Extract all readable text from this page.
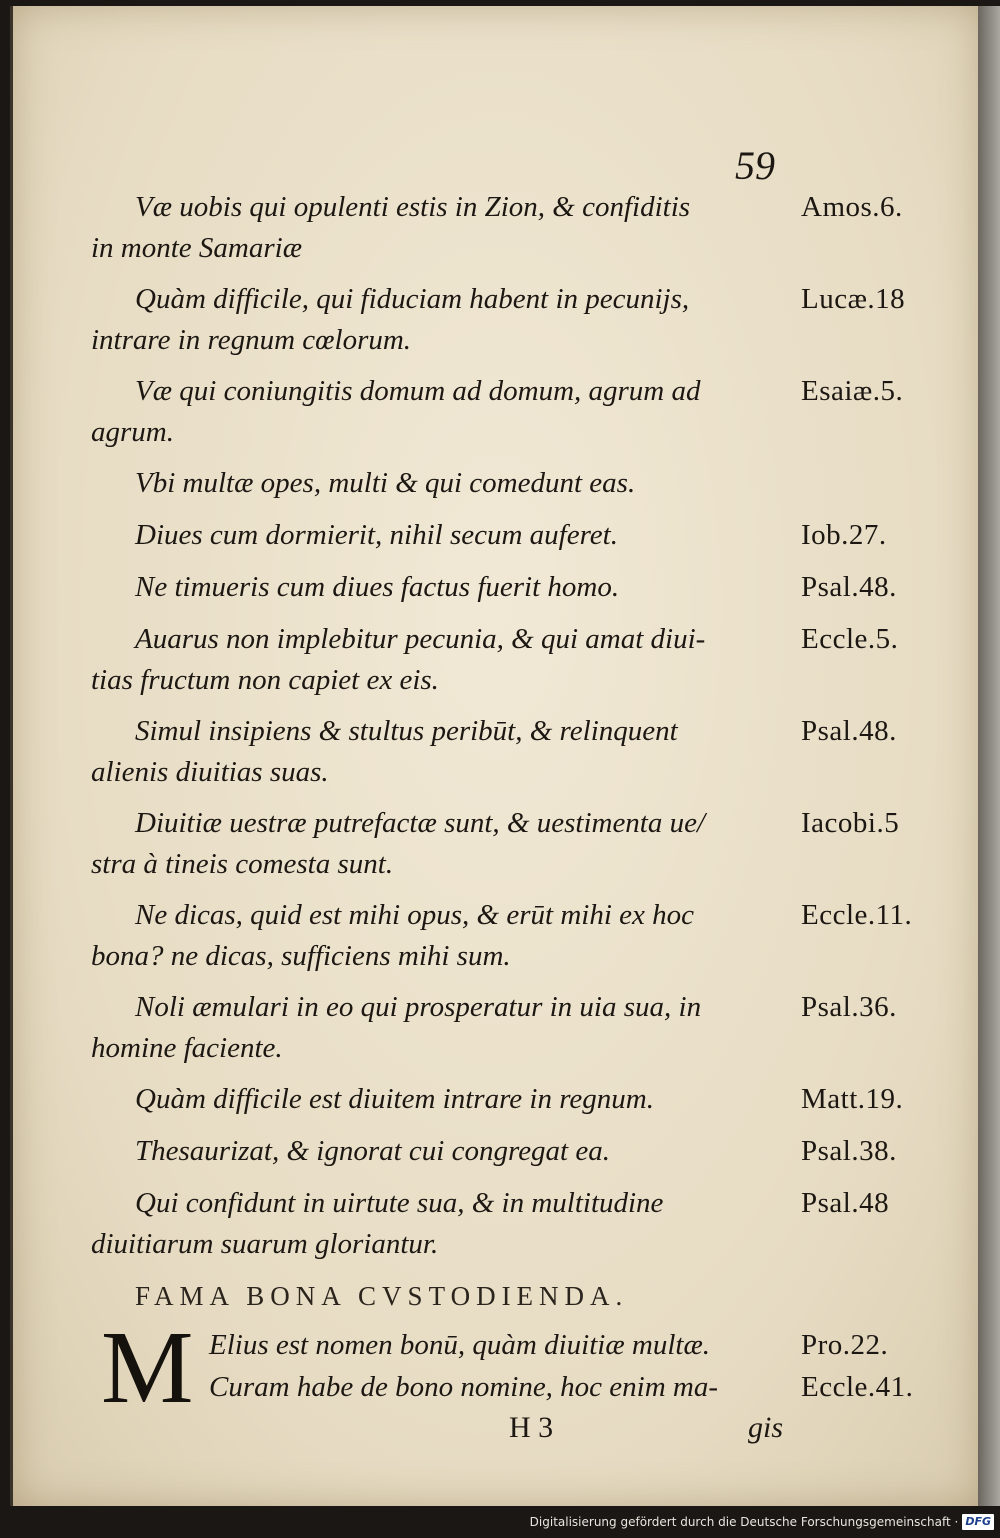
59
Væ uobis qui opulenti estis in Zion, & confiditis	Amos.6.
in monte Samariæ
Quàm difficile, qui fiduciam habent in pecunijs,	Lucæ.18
intrare in regnum cœlorum.
Væ qui coniungitis domum ad domum, agrum ad	Esaiæ.5.
agrum.
Vbi multæ opes, multi & qui comedunt eas.
Diues cum dormierit, nihil secum auferet.	Iob.27.
Ne timueris cum diues factus fuerit homo.	Psal.48.
Auarus non implebitur pecunia, & qui amat diui-	Eccle.5.
tias fructum non capiet ex eis.
Simul insipiens & stultus peribūt, & relinquent	Psal.48.
alienis diuitias suas.
Diuitiæ uestræ putrefactæ sunt, & uestimenta ue/	Iacobi.5
stra à tineis comesta sunt.
Ne dicas, quid est mihi opus, & erūt mihi ex hoc	Eccle.11.
bona? ne dicas, sufficiens mihi sum.
Noli æmulari in eo qui prosperatur in uia sua, in	Psal.36.
homine faciente.
Quàm difficile est diuitem intrare in regnum.	Matt.19.
Thesaurizat, & ignorat cui congregat ea.	Psal.38.
Qui confidunt in uirtute sua, & in multitudine	Psal.48
diuitiarum suarum gloriantur.
FAMA BONA CVSTODIENDA.
M Elius est nomen bonū, quàm diuitiæ multæ.	Pro.22.
Curam habe de bono nomine, hoc enim ma-	Eccle.41.
H 3	gis
Digitalisierung gefördert durch die Deutsche Forschungsgemeinschaft · DFG
